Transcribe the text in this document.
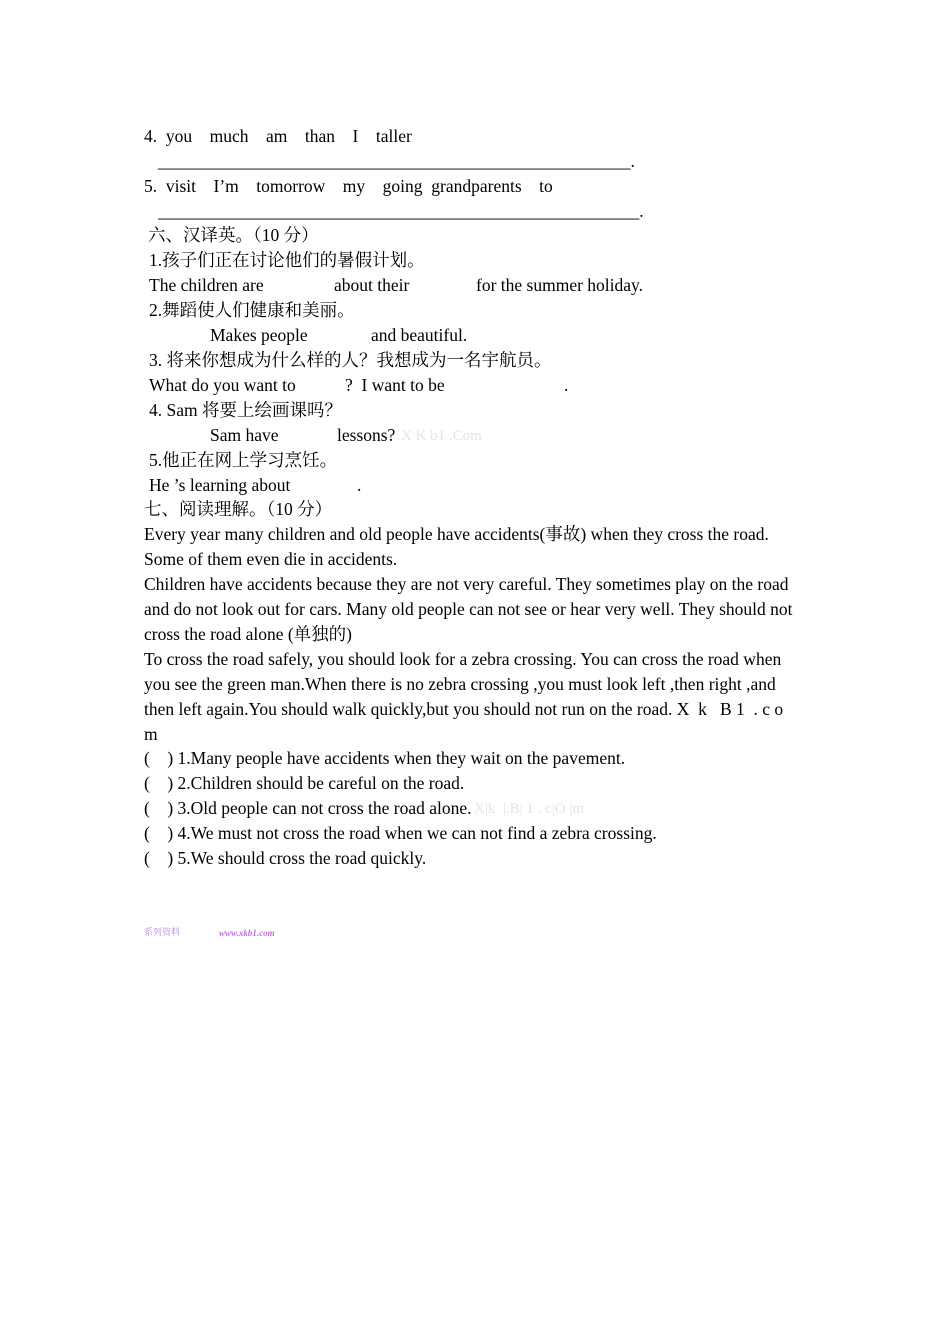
4.  you    much    am    than    I    taller
______________________________________________________.
5.  visit    I’m    tomorrow    my    going  grandparents    to
_______________________________________________________.
六、汉译英。（10 分）
1.孩子们正在讨论他们的暑假计划。
The children are	about their	for the summer holiday.
2.舞蹈使人们健康和美丽。
Makes people	and beautiful.
3. 将来你想成为什么样的人？我想成为一名宇航员。
What do you want to	?  I want to be	.
4. Sam 将要上绘画课吗？
Sam have	lessons? X K b1 .Com
5.他正在网上学习烹饪。
He ’s learning about	.
七、阅读理解。（10 分）
Every year many children and old people have accidents(事故) when they cross the road.
Some of them even die in accidents.
Children have accidents because they are not very careful. They sometimes play on the road
and do not look out for cars. Many old people can not see or hear very well. They should not
cross the road alone (单独的)
To cross the road safely, you should look for a zebra crossing. You can cross the road when
you see the green man.When there is no zebra crossing ,you must look left ,then right ,and
then left again.You should walk quickly,but you should not run on the road. X  k   B 1  . c o
m
(    ) 1.Many people have accidents when they wait on the pavement.
(    ) 2.Children should be careful on the road.
(    ) 3.Old people can not cross the road alone. X|k  |.B| 1 . c|O |m
(    ) 4.We must not cross the road when we can not find a zebra crossing.
(    ) 5.We should cross the road quickly.
系列资料	www.xkb1.com
